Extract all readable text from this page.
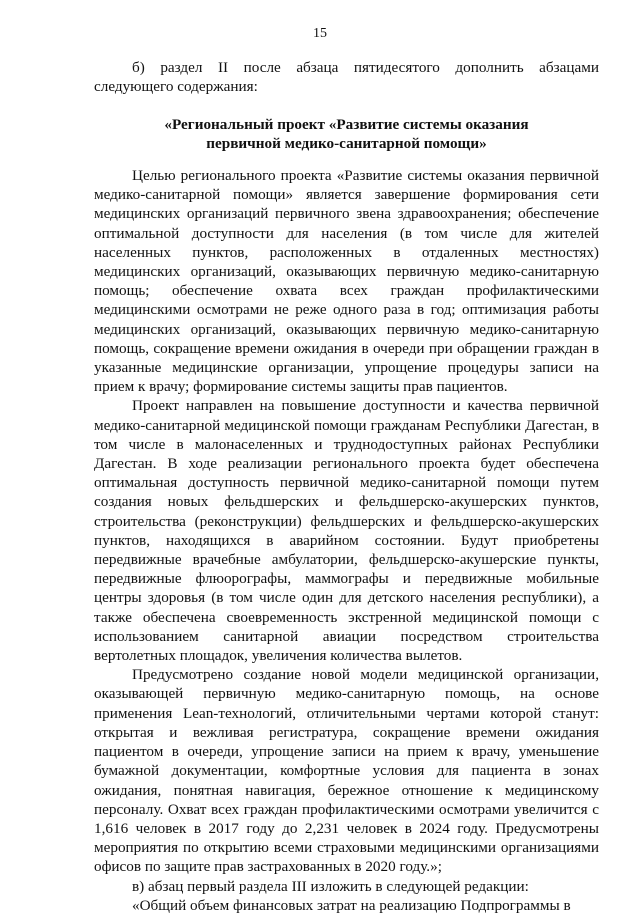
15
б) раздел II после абзаца пятидесятого дополнить абзацами следующего содержания:
«Региональный проект «Развитие системы оказания
первичной медико-санитарной помощи»

Целью регионального проекта «Развитие системы оказания первичной медико-санитарной помощи» является завершение формирования сети медицинских организаций первичного звена здравоохранения; обеспечение оптимальной доступности для населения (в том числе для жителей населенных пунктов, расположенных в отдаленных местностях) медицинских организаций, оказывающих первичную медико-санитарную помощь; обеспечение охвата всех граждан профилактическими медицинскими осмотрами не реже одного раза в год; оптимизация работы медицинских организаций, оказывающих первичную медико-санитарную помощь, сокращение времени ожидания в очереди при обращении граждан в указанные медицинские организации, упрощение процедуры записи на прием к врачу; формирование системы защиты прав пациентов.

Проект направлен на повышение доступности и качества первичной медико-санитарной медицинской помощи гражданам Республики Дагестан, в том числе в малонаселенных и труднодоступных районах Республики Дагестан. В ходе реализации регионального проекта будет обеспечена оптимальная доступность первичной медико-санитарной помощи путем создания новых фельдшерских и фельдшерско-акушерских пунктов, строительства (реконструкции) фельдшерских и фельдшерско-акушерских пунктов, находящихся в аварийном состоянии. Будут приобретены передвижные врачебные амбулатории, фельдшерско-акушерские пункты, передвижные флюорографы, маммографы и передвижные мобильные центры здоровья (в том числе один для детского населения республики), а также обеспечена своевременность экстренной медицинской помощи с использованием санитарной авиации посредством строительства вертолетных площадок, увеличения количества вылетов.

Предусмотрено создание новой модели медицинской организации, оказывающей первичную медико-санитарную помощь, на основе применения Lean-технологий, отличительными чертами которой станут: открытая и вежливая регистратура, сокращение времени ожидания пациентом в очереди, упрощение записи на прием к врачу, уменьшение бумажной документации, комфортные условия для пациента в зонах ожидания, понятная навигация, бережное отношение к медицинскому персоналу. Охват всех граждан профилактическими осмотрами увеличится с 1,616 человек в 2017 году до 2,231 человек в 2024 году. Предусмотрены мероприятия по открытию всеми страховыми медицинскими организациями офисов по защите прав застрахованных в 2020 году.»;

в) абзац первый раздела III изложить в следующей редакции:

«Общий объем финансовых затрат на реализацию Подпрограммы в
